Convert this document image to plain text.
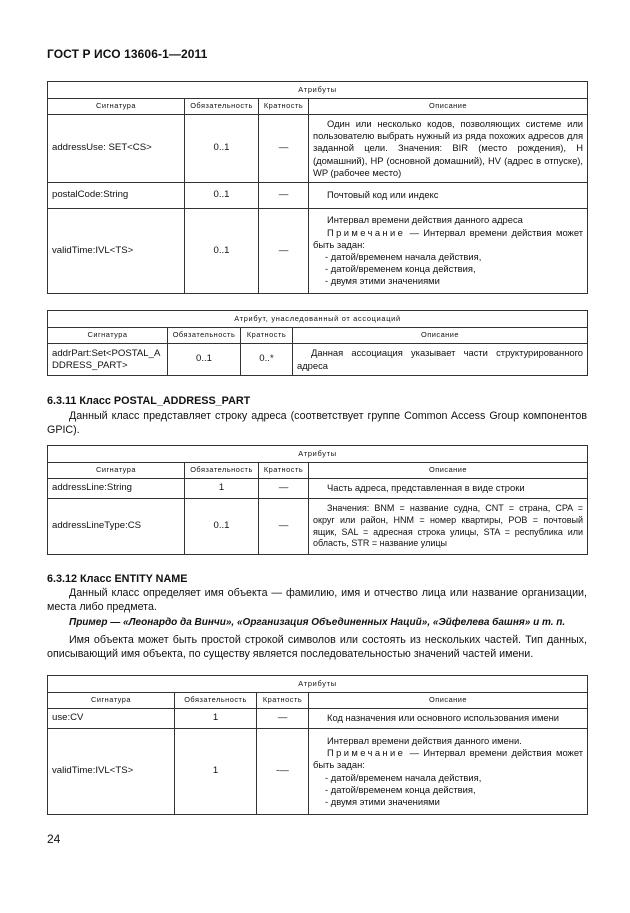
ГОСТ Р ИСО 13606-1—2011
Атрибуты			
Сигнатура	Обязательность	Кратность	Описание
addressUse: SET<CS>	0..1	—	Один или несколько кодов, позволяющих системе или пользователю выбрать нужный из ряда похожих адресов для заданной цели. Значения: BIR (место рождения), H (домашний), HP (основной домашний), HV (адрес в отпуске), WP (рабочее место)

postalCode:String	0..1	—	Почтовый код или индекс

validTime:IVL<TS>	0..1	—	Интервал времени действия данного адреса
Примечание — Интервал времени действия может быть задан:
- датой/временем начала действия,
- датой/временем конца действия,
- двумя этими значениями
Атрибут, унаследованный от ассоциаций			
Сигнатура	Обязательность	Кратность	Описание
addrPart:Set<POSTAL_ADDRESS_PART>	0..1	0..*	Данная ассоциация указывает части структурированного адреса
6.3.11 Класс POSTAL_ADDRESS_PART
Данный класс представляет строку адреса (соответствует группе Common Access Group компонентов GPIC).
Атрибуты			
Сигнатура	Обязательность	Кратность	Описание
addressLine:String	1	—	Часть адреса, представленная в виде строки

addressLineType:CS	0..1	—	Значения: BNM = название судна, CNT = страна, CPA = округ или район, HNM = номер квартиры, POB = почтовый ящик, SAL = адресная строка улицы, STA = республика или область, STR = название улицы
6.3.12 Класс ENTITY NAME
Данный класс определяет имя объекта — фамилию, имя и отчество лица или название организации, места либо предмета.
Пример — «Леонардо да Винчи», «Организация Объединенных Наций», «Эйфелева башня» и т. п.
Имя объекта может быть простой строкой символов или состоять из нескольких частей. Тип данных, описывающий имя объекта, по существу является последовательностью значений частей имени.
Атрибуты			
Сигнатура	Обязательность	Кратность	Описание
use:CV	1	—	Код назначения или основного использования имени

validTime:IVL<TS>	1	-—	Интервал времени действия данного имени.
Примечание — Интервал времени действия может быть задан:
- датой/временем начала действия,
- датой/временем конца действия,
- двумя этими значениями
24
